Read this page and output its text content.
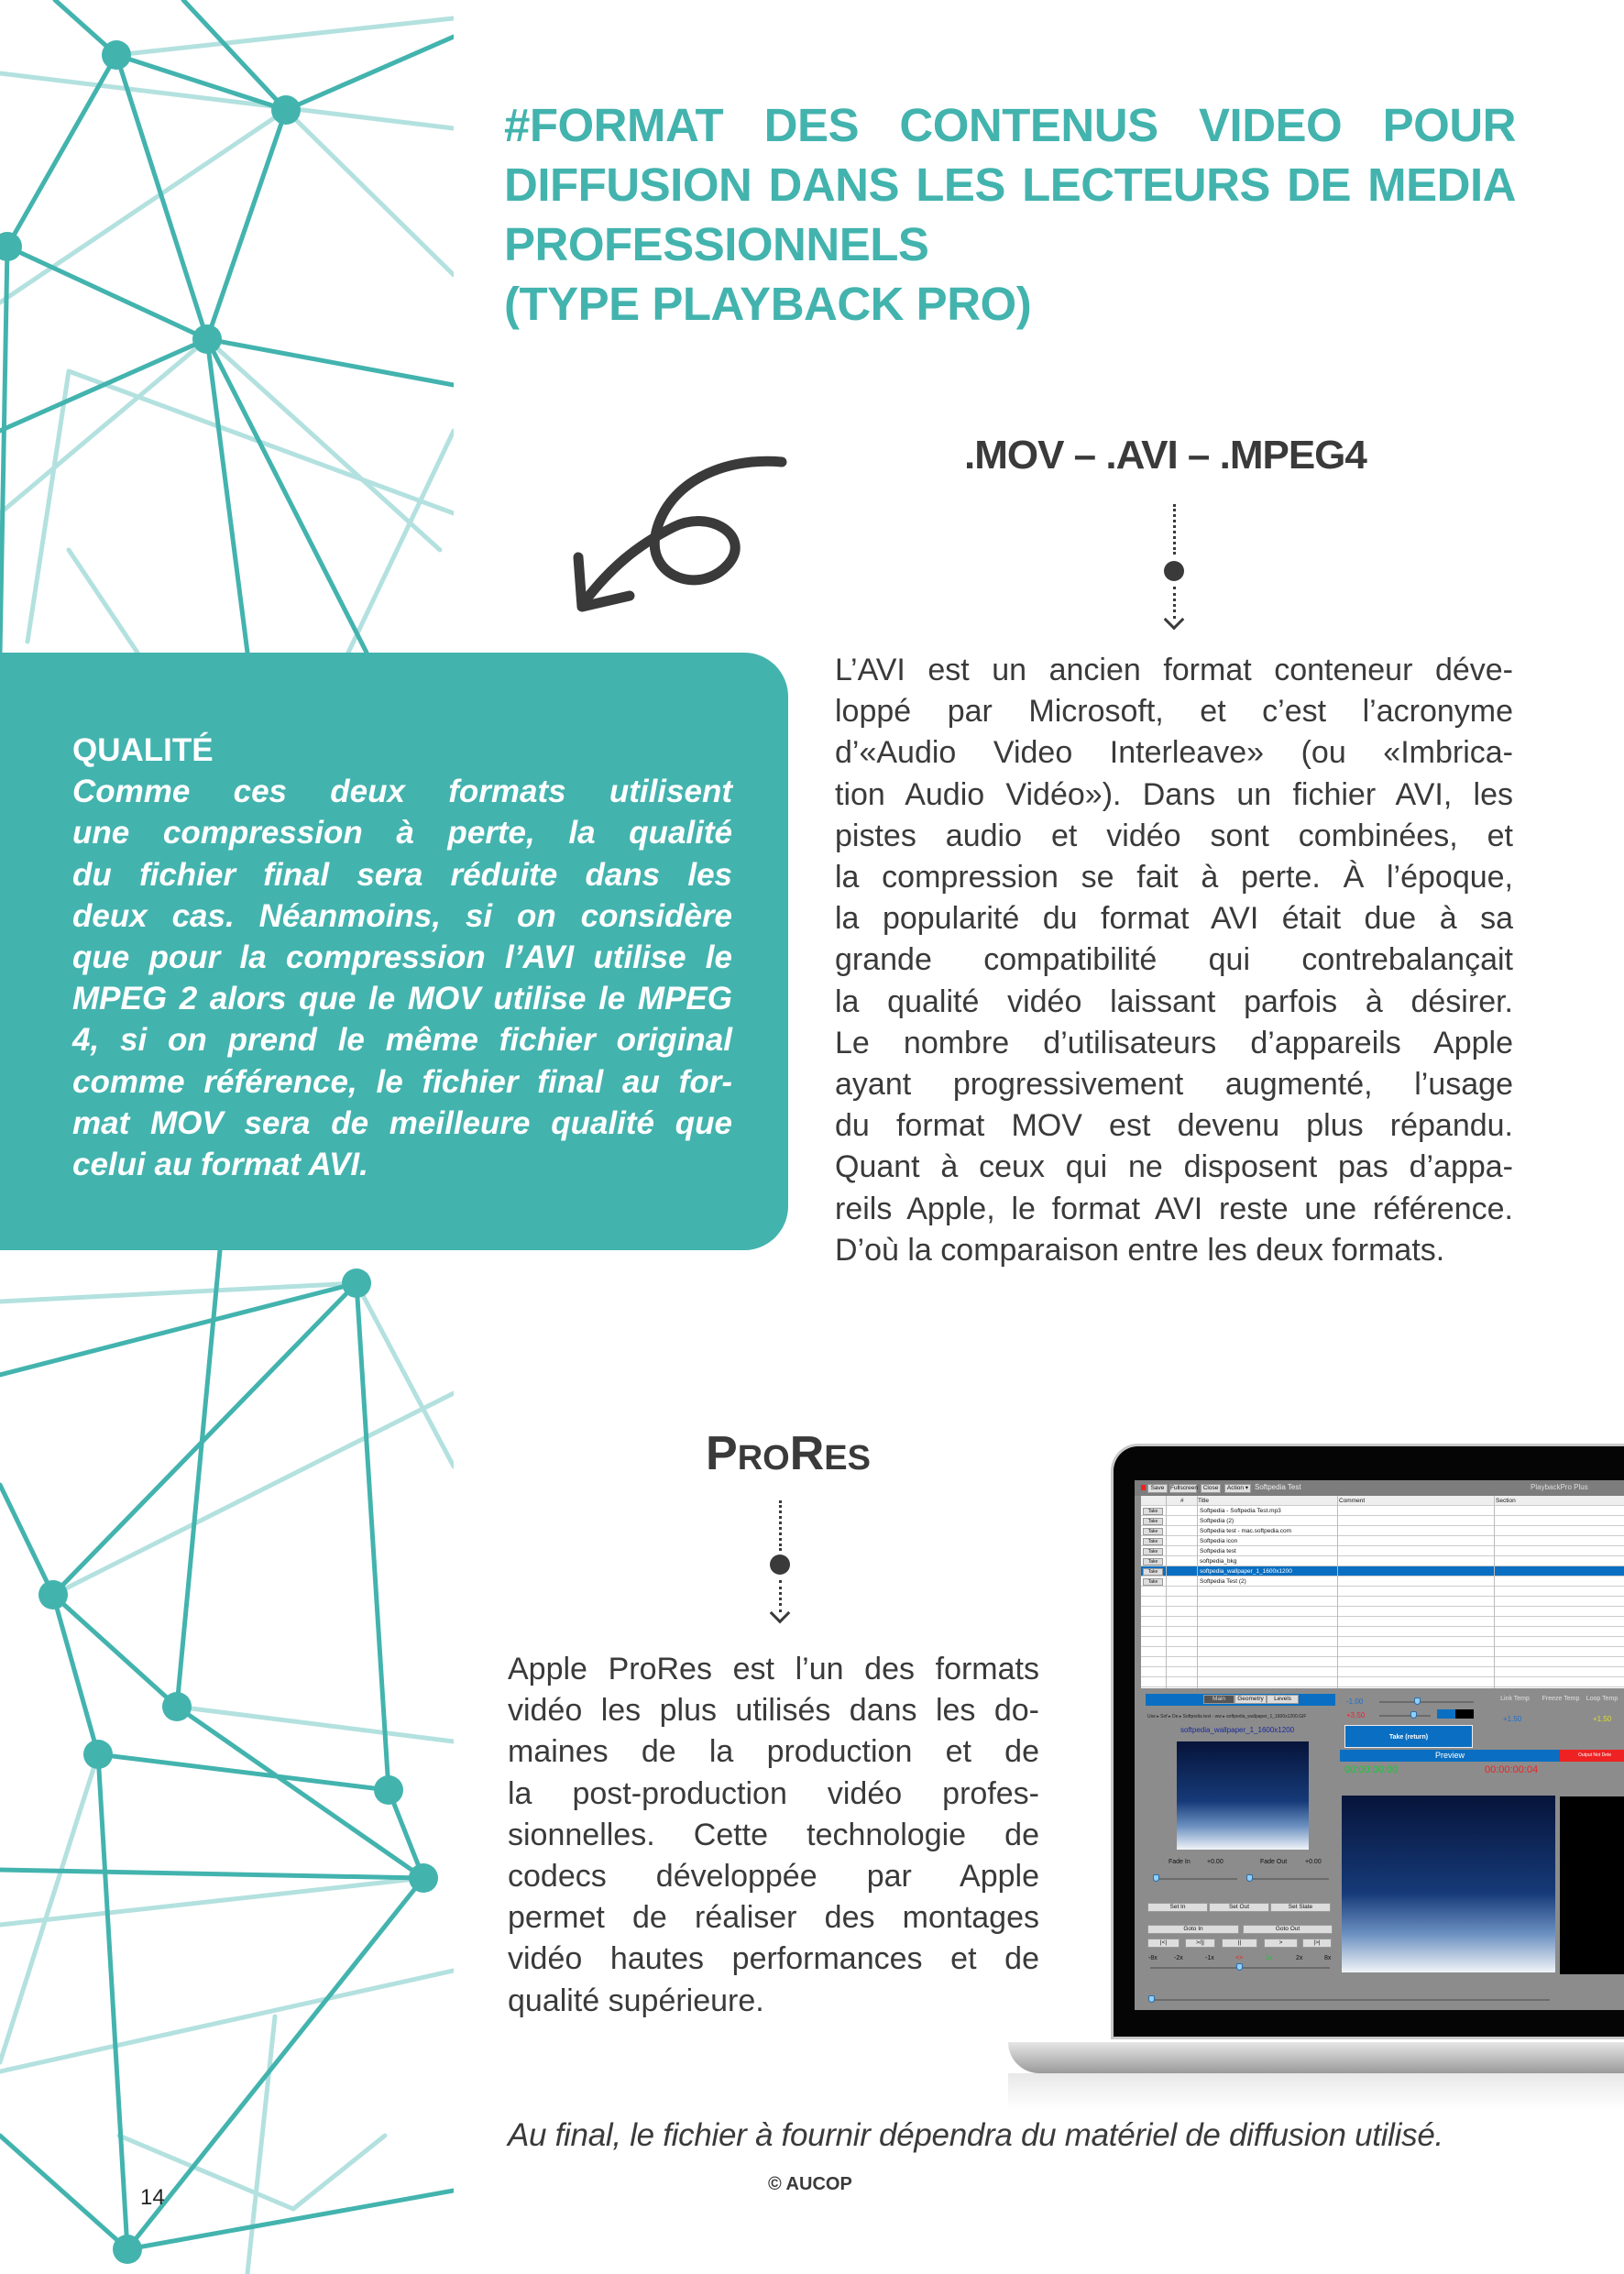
#FORMAT DES CONTENUS VIDEO POUR
DIFFUSION DANS LES LECTEURS DE MEDIA
PROFESSIONNELS
(TYPE PLAYBACK PRO)
.MOV – .AVI – .MPEG4
QUALITÉ
Comme ces deux formats utilisent
une compression à perte, la qualité
du fichier final sera réduite dans les
deux cas. Néanmoins, si on considère
que pour la compression l’AVI utilise le
MPEG 2 alors que le MOV utilise le MPEG
4, si on prend le même fichier original
comme référence, le fichier final au for-
mat MOV sera de meilleure qualité que
celui au format AVI.
L’AVI est un ancien format conteneur déve-
loppé par Microsoft, et c’est l’acronyme
d’«Audio Video Interleave» (ou «Imbrica-
tion Audio Vidéo»). Dans un fichier AVI, les
pistes audio et vidéo sont combinées, et
la compression se fait à perte. À l’époque,
la popularité du format AVI était due à sa
grande compatibilité qui contrebalançait
la qualité vidéo laissant parfois à désirer.
Le nombre d’utilisateurs d’appareils Apple
ayant progressivement augmenté, l’usage
du format MOV est devenu plus répandu.
Quant à ceux qui ne disposent pas d’appa-
reils Apple, le format AVI reste une référence.
D’où la comparaison entre les deux formats.
PRORES
Apple ProRes est l’un des formats
vidéo les plus utilisés dans les do-
maines de la production et de
la post-production vidéo profes-
sionnelles. Cette technologie de
codecs développée par Apple
permet de réaliser des montages
vidéo hautes performances et de
qualité supérieure.
Save	Fullscreen Close	Action ▾ Softpedia Test	PlaybackPro Plus
# Title	Comment	Section
Take	Softpedia - Softpedia Test.mp3
Take	Softpedia (2)
Take	Softpedia test - mac.softpedia.com
Take	Softpedia icon
Take	Softpedia test
Take	softpedia_bkg
Take	softpedia_wallpaper_1_1600x1200
Take	Softpedia Test (2)
Main	Geometry	Levels
Use ▸ Sof ▸ De ▸ Softpedia test - ww ▸ softpedia_wallpaper_1_1600x1200.GIF
softpedia_wallpaper_1_1600x1200
Fade In	+0.00	Fade Out	+0.00
Set In	Set Out	Set Slate
Goto In	Goto Out
|<|	>/||	||	>	|>|
-8x	-2x	-1x	<>	1x	2x	8x
-1.00
+3.50
Link Temp	Freeze Temp	Loop Temp
+1.50	+1.50
Take (return)
Preview	Output Not Dete
00:00:00:00	00:00:00:04
Au final, le fichier à fournir dépendra du matériel de diffusion utilisé.
© AUCOP
14
